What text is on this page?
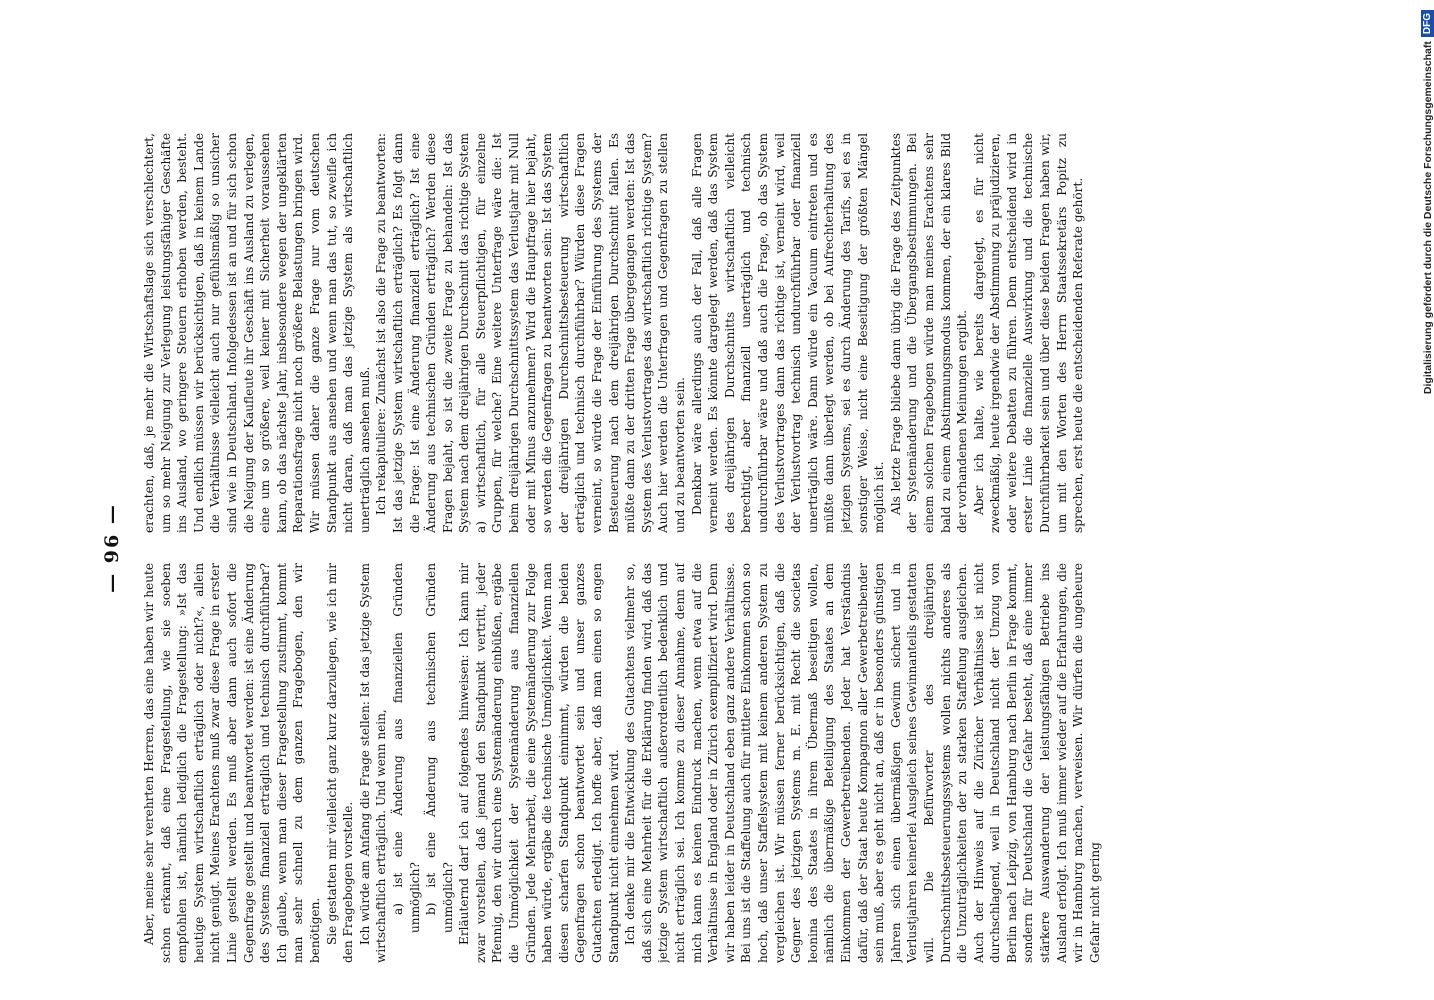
— 96 —

Aber, meine sehr verehrten Herren, das eine haben wir heute schon erkannt, daß eine Fragestellung, wie sie soeben empfohlen ist, nämlich lediglich die Fragestellung: »Ist das heutige System wirtschaftlich erträglich oder nicht?«, allein nicht genügt. Meines Erachtens muß zwar diese Frage in erster Linie gestellt werden. Es muß aber dann auch sofort die Gegenfrage gestellt und beantwortet werden: ist eine Änderung des Systems finanziell erträglich und technisch durchführbar? Ich glaube, wenn man dieser Fragestellung zustimmt, kommt man sehr schnell zu dem ganzen Fragebogen, den wir benötigen. Sie gestatten mir vielleicht ganz kurz darzulegen, wie ich mir den Fragebogen vorstelle. Ich würde am Anfang die Frage stellen: Ist das jetzige System wirtschaftlich erträglich. Und wenn nein, a) ist eine Änderung aus finanziellen Gründen unmöglich? b) ist eine Änderung aus technischen Gründen unmöglich? Erläuternd darf ich auf folgendes hinweisen: Ich kann mir zwar vorstellen, daß jemand den Standpunkt vertritt, jeder Pfennig, den wir durch eine Systemänderung einbüßen, ergäbe die Unmöglichkeit der Systemänderung aus finanziellen Gründen. Jede Mehrarbeit, die eine Systemänderung zur Folge haben würde, ergäbe die technische Unmöglichkeit. Wenn man diesen scharfen Standpunkt einnimmt, würden die beiden Gegenfragen schon beantwortet sein und unser ganzes Gutachten erledigt. Ich hoffe aber, daß man einen so engen Standpunkt nicht einnehmen wird. Ich denke mir die Entwicklung des Gutachtens vielmehr so, daß sich eine Mehrheit für die Erklärung finden wird, daß das jetzige System wirtschaftlich außerordentlich bedenklich und nicht erträglich sei. Ich komme zu dieser Annahme, denn auf mich kann es keinen Eindruck machen, wenn etwa auf die Verhältnisse in England oder in Zürich exemplifiziert wird. Denn wir haben leider in Deutschland eben ganz andere Verhältnisse. Bei uns ist die Staffelung auch für mittlere Einkommen schon so hoch, daß unser Staffelsystem mit keinem anderen System zu vergleichen ist. Wir müssen ferner berücksichtigen, daß die Gegner des jetzigen Systems m. E. mit Recht die societas leonina des Staates in ihrem Übermaß beseitigen wollen, nämlich die übermäßige Beteiligung des Staates an dem Einkommen der Gewerbetreibenden. Jeder hat Verständnis dafür, daß der Staat heute Kompagnon aller Gewerbetreibender sein muß, aber es geht nicht an, daß er in besonders günstigen Jahren sich einen übermäßigen Gewinn sichert und in Verlustjahren keinerlei Ausgleich seines Gewinnanteils gestatten will. Die Befürworter des dreijährigen Durchschnittsbesteuerungssystems wollen nichts anderes als die Unzuträglichkeiten der zu starken Staffelung ausgleichen. Auch der Hinweis auf die Züricher Verhältnisse ist nicht durchschlagend, weil in Deutschland nicht der Umzug von Berlin nach Leipzig, von Hamburg nach Berlin in Frage kommt, sondern für Deutschland die Gefahr besteht, daß eine immer stärkere Auswanderung der leistungsfähigen Betriebe ins Ausland erfolgt. Ich muß immer wieder auf die Erfahrungen, die wir in Hamburg machen, verweisen. Wir dürfen die ungeheure Gefahr nicht gering

erachten, daß, je mehr die Wirtschaftslage sich verschlechtert, um so mehr Neigung zur Verlegung leistungsfähiger Geschäfte ins Ausland, wo geringere Steuern erhoben werden, besteht. Und endlich müssen wir berücksichtigen, daß in keinem Lande die Verhältnisse vielleicht auch nur gefühlsmäßig so unsicher sind wie in Deutschland. Infolgedessen ist an und für sich schon die Neigung der Kaufleute ihr Geschäft ins Ausland zu verlegen, eine um so größere, weil keiner mit Sicherheit voraussehen kann, ob das nächste Jahr, insbesondere wegen der ungeklärten Reparationsfrage nicht noch größere Belastungen bringen wird. Wir müssen daher die ganze Frage nur vom deutschen Standpunkt aus ansehen und wenn man das tut, so zweifle ich nicht daran, daß man das jetzige System als wirtschaftlich unerträglich ansehen muß. Ich rekapituliere: Zunächst ist also die Frage zu beantworten: Ist das jetzige System wirtschaftlich erträglich? Es folgt dann die Frage: Ist eine Änderung finanziell erträglich? Ist eine Änderung aus technischen Gründen erträglich? Werden diese Fragen bejaht, so ist die zweite Frage zu behandeln: Ist das System nach dem dreijährigen Durchschnitt das richtige System a) wirtschaftlich, für alle Steuerpflichtigen, für einzelne Gruppen, für welche? Eine weitere Unterfrage wäre die: Ist beim dreijährigen Durchschnittssystem das Verlustjahr mit Null oder mit Minus anzunehmen? Wird die Hauptfrage hier bejaht, so werden die Gegenfragen zu beantworten sein: Ist das System der dreijährigen Durchschnittsbesteuerung wirtschaftlich erträglich und technisch durchführbar? Würden diese Fragen verneint, so würde die Frage der Einführung des Systems der Besteuerung nach dem dreijährigen Durchschnitt fallen. Es müßte dann zu der dritten Frage übergegangen werden: Ist das System des Verlustvortrages das wirtschaftlich richtige System? Auch hier werden die Unterfragen und Gegenfragen zu stellen und zu beantworten sein. Denkbar wäre allerdings auch der Fall, daß alle Fragen verneint werden. Es könnte dargelegt werden, daß das System des dreijährigen Durchschnitts wirtschaftlich vielleicht berechtigt, aber finanziell unerträglich und technisch undurchführbar wäre und daß auch die Frage, ob das System des Verlustvortrages dann das richtige ist, verneint wird, weil der Verlustvortrag technisch undurchführbar oder finanziell unerträglich wäre. Dann würde ein Vacuum eintreten und es müßte dann überlegt werden, ob bei Aufrechterhaltung des jetzigen Systems, sei es durch Änderung des Tarifs, sei es in sonstiger Weise, nicht eine Beseitigung der größten Mängel möglich ist. Als letzte Frage bliebe dann übrig die Frage des Zeitpunktes der Systemänderung und die Übergangsbestimmungen. Bei einem solchen Fragebogen würde man meines Erachtens sehr bald zu einem Abstimmungsmodus kommen, der ein klares Bild der vorhandenen Meinungen ergibt. Aber ich halte, wie bereits dargelegt, es für nicht zweckmäßig, heute irgendwie der Abstimmung zu präjudizieren, oder weitere Debatten zu führen. Denn entscheidend wird in erster Linie die finanzielle Auswirkung und die technische Durchführbarkeit sein und über diese beiden Fragen haben wir, um mit den Worten des Herrn Staatssekretärs Popitz zu sprechen, erst heute die entscheidenden Referate gehört.	Digitalisierung gefördert durch die Deutsche Forschungsgemeinschaft
DFG
